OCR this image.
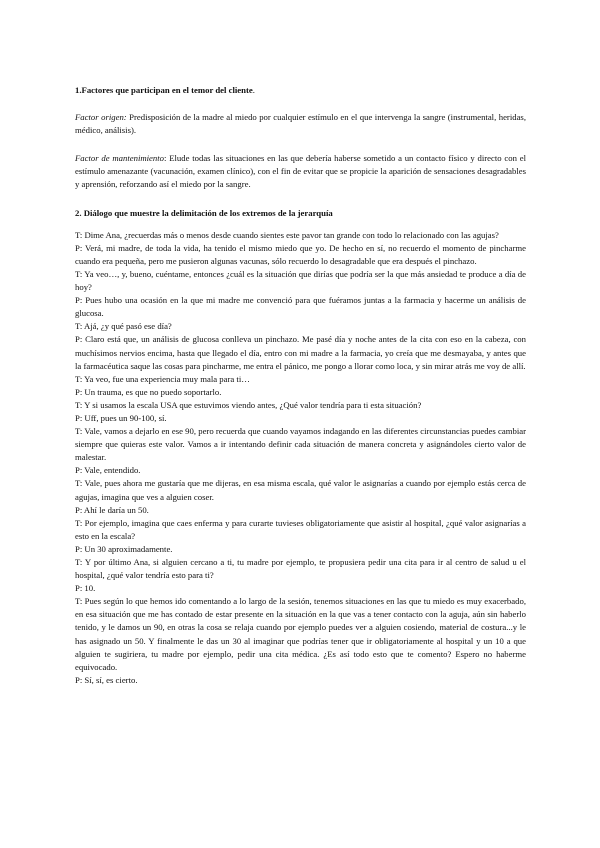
1.Factores que participan en el temor del cliente.

Factor origen: Predisposición de la madre al miedo por cualquier estímulo en el que intervenga la sangre (instrumental, heridas, médico, análisis).

Factor de mantenimiento: Elude todas las situaciones en las que debería haberse sometido a un contacto físico y directo con el estímulo amenazante (vacunación, examen clínico), con el fin de evitar que se propicie la aparición de sensaciones desagradables y aprensión, reforzando así el miedo por la sangre.

2. Diálogo que muestre la delimitación de los extremos de la jerarquía

T: Dime Ana, ¿recuerdas más o menos desde cuando sientes este pavor tan grande con todo lo relacionado con las agujas?

P: Verá, mi madre, de toda la vida, ha tenido el mismo miedo que yo. De hecho en sí, no recuerdo el momento de pincharme cuando era pequeña, pero me pusieron algunas vacunas, sólo recuerdo lo desagradable que era después el pinchazo.

T: Ya veo…, y, bueno, cuéntame, entonces ¿cuál es la situación que dirías que podría ser la que más ansiedad te produce a día de hoy?

P: Pues hubo una ocasión en la que mi madre me convenció para que fuéramos juntas a la farmacia y hacerme un análisis de glucosa.

T: Ajá, ¿y qué pasó ese día?

P: Claro está que, un análisis de glucosa conlleva un pinchazo. Me pasé día y noche antes de la cita con eso en la cabeza, con muchísimos nervios encima, hasta que llegado el día, entro con mi madre a la farmacia, yo creía que me desmayaba, y antes que la farmacéutica saque las cosas para pincharme, me entra el pánico, me pongo a llorar como loca, y sin mirar atrás me voy de allí.

T: Ya veo, fue una experiencia muy mala para ti…

P: Un trauma, es que no puedo soportarlo.

T: Y si usamos la escala USA que estuvimos viendo antes, ¿Qué valor tendría para ti esta situación?

P: Uff, pues un 90-100, sí.

T: Vale, vamos a dejarlo en ese 90, pero recuerda que cuando vayamos indagando en las diferentes circunstancias puedes cambiar siempre que quieras este valor. Vamos a ir intentando definir cada situación de manera concreta y asignándoles cierto valor de malestar.

P: Vale, entendido.

T: Vale, pues ahora me gustaría que me dijeras, en esa misma escala, qué valor le asignarías a cuando por ejemplo estás cerca de agujas, imagina que ves a alguien coser.

P: Ahí le daría un 50.

T: Por ejemplo, imagina que caes enferma y para curarte tuvieses obligatoriamente que asistir al hospital, ¿qué valor asignarías a esto en la escala?

P: Un 30 aproximadamente.

T: Y por último Ana, si alguien cercano a ti, tu madre por ejemplo, te propusiera pedir una cita para ir al centro de salud u el hospital, ¿qué valor tendría esto para ti?

P: 10.

T: Pues según lo que hemos ido comentando a lo largo de la sesión, tenemos situaciones en las que tu miedo es muy exacerbado, en esa situación que me has contado de estar presente en la situación en la que vas a tener contacto con la aguja, aún sin haberlo tenido, y le damos un 90, en otras la cosa se relaja cuando por ejemplo puedes ver a alguien cosiendo, material de costura...y le has asignado un 50. Y finalmente le das un 30 al imaginar que podrías tener que ir obligatoriamente al hospital y un 10 a que alguien te sugiriera, tu madre por ejemplo, pedir una cita médica. ¿Es así todo esto que te comento? Espero no haberme equivocado.

P: Sí, sí, es cierto.
